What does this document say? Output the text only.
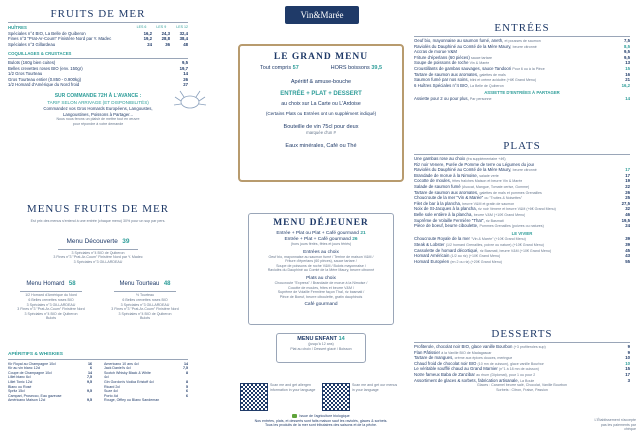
FRUITS DE MER
HUÎTRES	LES 6	LES 9	LES 12
Spéciales n°4 BIO, La Belle de Quiberon	16,2	24,3	32,4
Fines n°3 "Prat-Ar-Coum" Finistère Nord par Y. Madec	19,2	28,8	38,4
Spéciales n°3 Gillardeau	24	36	48
COQUILLAGES & CRUSTACES
Bulots (160g bien cuites)	9,5
Belles crevettes roses BIO (env. 150gr)	19,7
1/2 Gros Tourteau	14
Gros Tourteau entier (0.850 - 0.900kg)	26
1/2 Homard d'Amérique du Nord froid	27
SUR COMMANDE 72H À L'AVANCE :
TARIF SELON ARRIVAGE (ET DISPONIBILITÉS)
Commandez vos Gros Homards Européens, Langoustes,
Langoustines, Poissons à Partager...
Nous nous ferons un plaisir de mettre tout en œuvre
pour répondre à votre demande
MENUS FRUITS DE MER
Est prix des menus s'entend à une entrée (chaque menu) 30% pour un sup par pers.
Menu Découverte 39
3 Spéciales n°4 BIO de Quiberon
3 Fines n°3 "Prat-Ar-Coum" Finistère Nord par Y. Madec
3 Spéciales n°3 GILLARDEAU
Menu Homard 58
1/2 Homard d'Amérique du Nord
6 Belles crevettes roses BIO
3 Spéciales n°3 GILLARDEAU
3 Fines n°3 "Prat-Ar-Coum" Finistère Nord
3 Spéciales n°4 BIO de Quiberon
Bulots
Menu Tourteau 48
½ Tourteau
6 Belles crevettes roses BIO
3 Spéciales n°3 GILLARDEAU
3 Fines n°3 "Prat-Ar-Coum" Finistère Nord
3 Spéciales n°4 BIO de Quiberon
Bulots
APÉRITIFS & WHISKIES
Kir Royal au Champagne 10cl	16
Kir au vin blanc 12cl	6
Coupe de Champagne 10cl	14
Lillet blanc 6cl	7,5
Lillet Tonic 12cl	9,5
Blanc ou Rosé
Spritz 15cl	9,5
Campari, Prosecco, Eau gazeuse
Américano Maison 12cl	9,5
Americano 10 ans 4cl	14
Jack Daniel's 4cl	7,5
Scotch Whisky Black & White	8
4cl
Gin Gordon's Vodka Eristoff 4cl	8
Ricard 2cl	5
Suze 4cl	6
Porto 4cl	6
Rouge, Offley ou Blanc Sandeman
Vin&Marée
LE GRAND MENU
Tout compris 57	HORS boissons 39,5
Apéritif & amuse-bouche
ENTRÉE + PLAT + DESSERT
au choix sur La Carte ou L'Ardoise
(Certains Plats ou Entrées ont un supplément indiqué)
Bouteille de vin 75cl pour deux
marquée d'un #
Eaux minérales, Café ou Thé
MENU DÉJEUNER
Entrée + Plat ou Plat + Café gourmand 21
Entrée + Plat + Café gourmand 26
(hors jours fériés, fêtes et jours fériés)
Entrées au choix
Oeuf bio, mayonnaise au saumon fumé / Terrine de maison V&M /
Friture d'éperlans (60 pièces), sauce tartare /
Soupe de poissons de roche V&M / Bulots mayonnaise /
Raviolès du Dauphiné au Comté de la Mère Maury, beurre citronné
Plats au choix
Choucroute "Express" / Brandade de morue à la Nimoise /
Cocotte de moules, frites et beurre V&M /
Suprême de Volaille Fermière façon Thaï, riz basmati /
Pièce de Boeuf, beurre ciboulette, gratin dauphinois
Café gourmand
MENU ENFANT 14
(jusqu'à 12 ans)
Plat au choix / Dessert glacé / Boisson
Scan me and get allergen information in your language
Scan me and get our menus in your language
Issue de l'agriculture biologique
Nos entrées, plats, et desserts sont faits maison sauf les raviolés, glaces & sorbets.
Tous les produits de la mer sont tributaires des saisons et de la pêche.
ENTRÉES
Oeuf bio, mayonnaise au saumon fumé, aneth, et pousses de saumon	7,5
Raviolès du Dauphiné au Comté de la Mère Maury, beurre citronné	8,5
Accras de morue V&M	9,5
Friture d'éperlans (60 pièces) sauce tartare	9,5
Soupe de poissons de roche Vin & Marée	13
Croustillants de gambas sauvages, sauce Tandoori Pour 6 ou à la Pièce	15
Tartare de saumon aux aromates, galettes de maïs	16
Saumon fumé par nos soins, blini et crème acidulée (+6€ Grand Menu)	21
6 Huîtres Spéciales n°4 BIO, La Belle de Quiberon	16,2
ASSIETTE D'ENTRÉES À PARTAGER
Assiette pour 2 ou pour plus, Par personne	14
PLATS
Une gambas rose au choix (fra supplémentaire +4€)
Riz noir Venere, Purée de Pomme de terre ou Légumes du jour
Raviolès du Dauphiné au Comté de la Mère Maury, beurre citronné	17
Brandade de morue à la Nimoise, salade verte	17
Cocotte de moules, frites fraîches Maison et beurre Vin & Marée	19
Salade de saumon fumé (Avocat, Mangue, Tomate cerise, Gomme)	22
Tartare de saumon aux aromates, galettes de maïs et pommes Grenailles	26
Choucroute de la mer "Vin & Marée" ou "Truites & Noisettes"	25
Filet de bar à la plancha, beurre V&M et gratin de saumon	27,5
Noix de St-Jacques à la plancha, riz noir Venere et beurre V&M (+6€ Grand Menu)	32
Belle sole entière à la plancha, beurre V&M (+10€ Grand Menu)	46
Suprême de Volaille Fermière "Thaï", riz Basmati	19,5
Pièce de boeuf, beurre ciboulette, Pommes Grenailles (poivres ou natures)	24
LE VIVIER
Choucroute Royale de la mer "Vin & Marée" (+10€ Grand Menu)	39
Steak & Lobster (1/2 homard Grenailles, poivre ou nature) (+10€ Grand Menu)	39
Cassolette de homard décortiqué, riz Basmati, beurre V&M (+10€ Grand Menu)	45
Homard Américain (1/2 au riz) (+10€ Grand Menu)	43
Homard Européen (en 2 ou riz) (+20€ Grand Menu)	55
DESSERTS
Profiterole, chocolat noir BIO, glace vanille Bourbon (+3 profiteroles sup)	9
Flan Pâtissier à la Vanille BIO de Madagascar	9
Tartare de mangues, crème aux épices douces, meringue	10
Chaud froid de chocolat noir BIO (10 mn de cuisson), glace vanille Bourbon	10
Le véritable soufflé chaud au Grand Marnier (n°1 à 18 mn de cuisson)	15
Notre fameux Baba de Zanzibar au rhum (Diplomat), pour 1 ou pour 2	17
Assortiment de glaces & sorbets, fabrication artisanale, La Boule	3
Glaces : Caramel beurre salé, Chocolat, Vanille Bourbon
Sorbets : Citron, Fraise, Passion
L'Établissement n'accepte pas les paiements par chèque
